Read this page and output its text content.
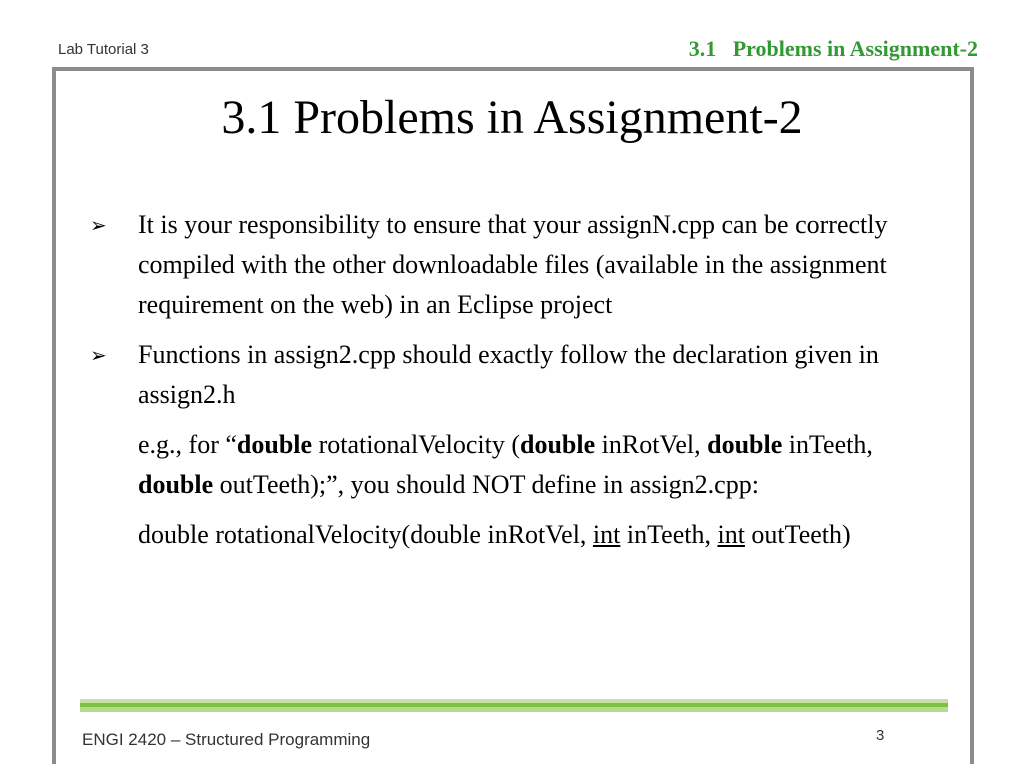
Lab Tutorial 3	3.1   Problems in Assignment-2
3.1 Problems in Assignment-2
➢ It is your responsibility to ensure that your assignN.cpp can be correctly compiled with the other downloadable files (available in the assignment requirement on the web) in an Eclipse project
➢ Functions in assign2.cpp should exactly follow the declaration given in assign2.h
e.g., for “double rotationalVelocity (double inRotVel, double inTeeth, double outTeeth);”, you should NOT define in assign2.cpp:
double rotationalVelocity(double inRotVel, int inTeeth, int outTeeth)
ENGI 2420 – Structured Programming	3
